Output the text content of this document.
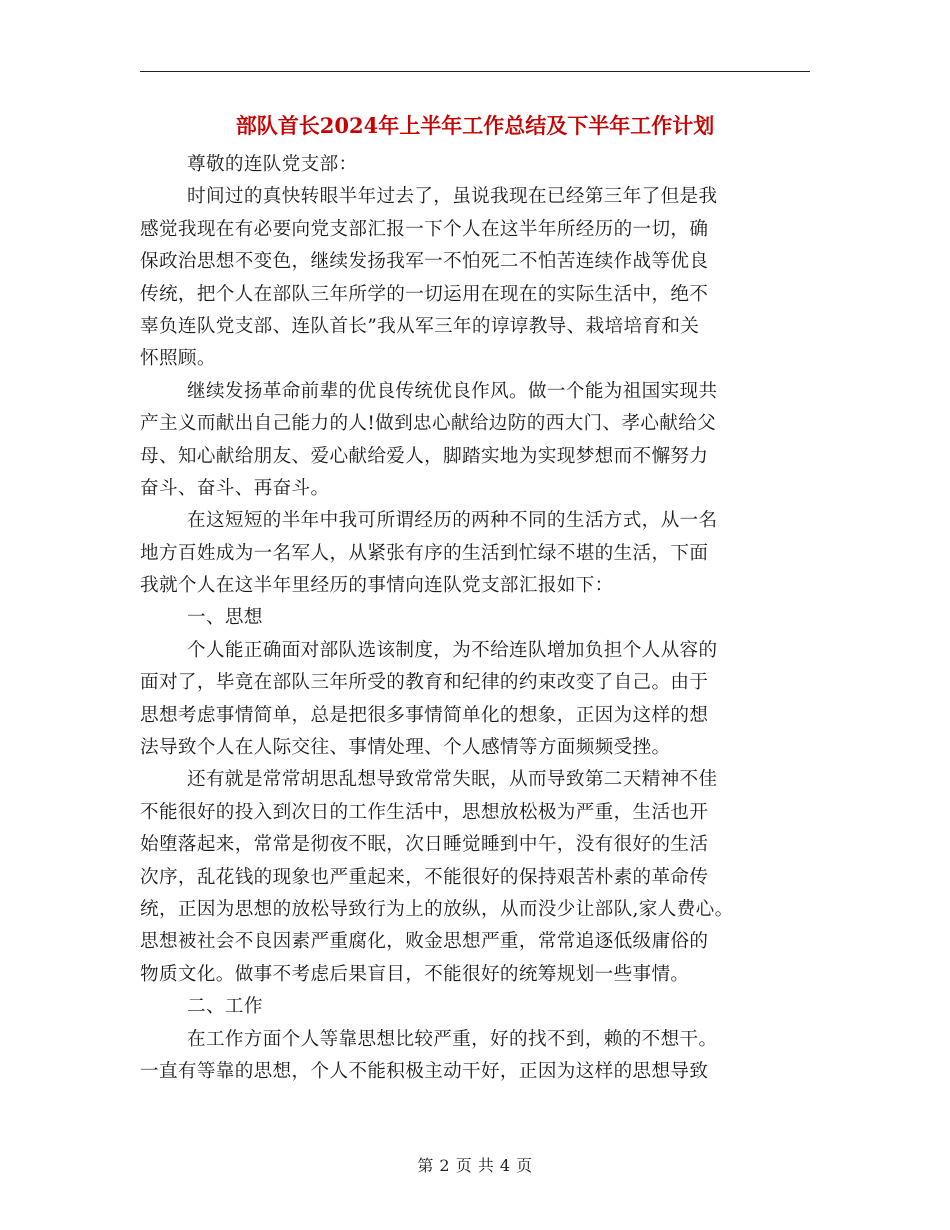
部队首长2024年上半年工作总结及下半年工作计划
尊敬的连队党支部：
时间过的真快转眼半年过去了，虽说我现在已经第三年了但是我
感觉我现在有必要向党支部汇报一下个人在这半年所经历的一切，确
保政治思想不变色，继续发扬我军一不怕死二不怕苦连续作战等优良
传统，把个人在部队三年所学的一切运用在现在的实际生活中，绝不
辜负连队党支部、连队首长”我从军三年的谆谆教导、栽培培育和关
怀照顾。
继续发扬革命前辈的优良传统优良作风。做一个能为祖国实现共
产主义而献出自己能力的人!做到忠心献给边防的西大门、孝心献给父
母、知心献给朋友、爱心献给爱人，脚踏实地为实现梦想而不懈努力
奋斗、奋斗、再奋斗。
在这短短的半年中我可所谓经历的两种不同的生活方式，从一名
地方百姓成为一名军人，从紧张有序的生活到忙绿不堪的生活，下面
我就个人在这半年里经历的事情向连队党支部汇报如下：
一、思想
个人能正确面对部队选该制度，为不给连队增加负担个人从容的
面对了，毕竟在部队三年所受的教育和纪律的约束改变了自己。由于
思想考虑事情简单，总是把很多事情简单化的想象，正因为这样的想
法导致个人在人际交往、事情处理、个人感情等方面频频受挫。
还有就是常常胡思乱想导致常常失眠，从而导致第二天精神不佳
不能很好的投入到次日的工作生活中，思想放松极为严重，生活也开
始堕落起来，常常是彻夜不眠，次日睡觉睡到中午，没有很好的生活
次序，乱花钱的现象也严重起来，不能很好的保持艰苦朴素的革命传
统，正因为思想的放松导致行为上的放纵，从而没少让部队,家人费心。
思想被社会不良因素严重腐化，败金思想严重，常常追逐低级庸俗的
物质文化。做事不考虑后果盲目，不能很好的统筹规划一些事情。
二、工作
在工作方面个人等靠思想比较严重，好的找不到，赖的不想干。
一直有等靠的思想，个人不能积极主动干好，正因为这样的思想导致
第 2 页 共 4 页
